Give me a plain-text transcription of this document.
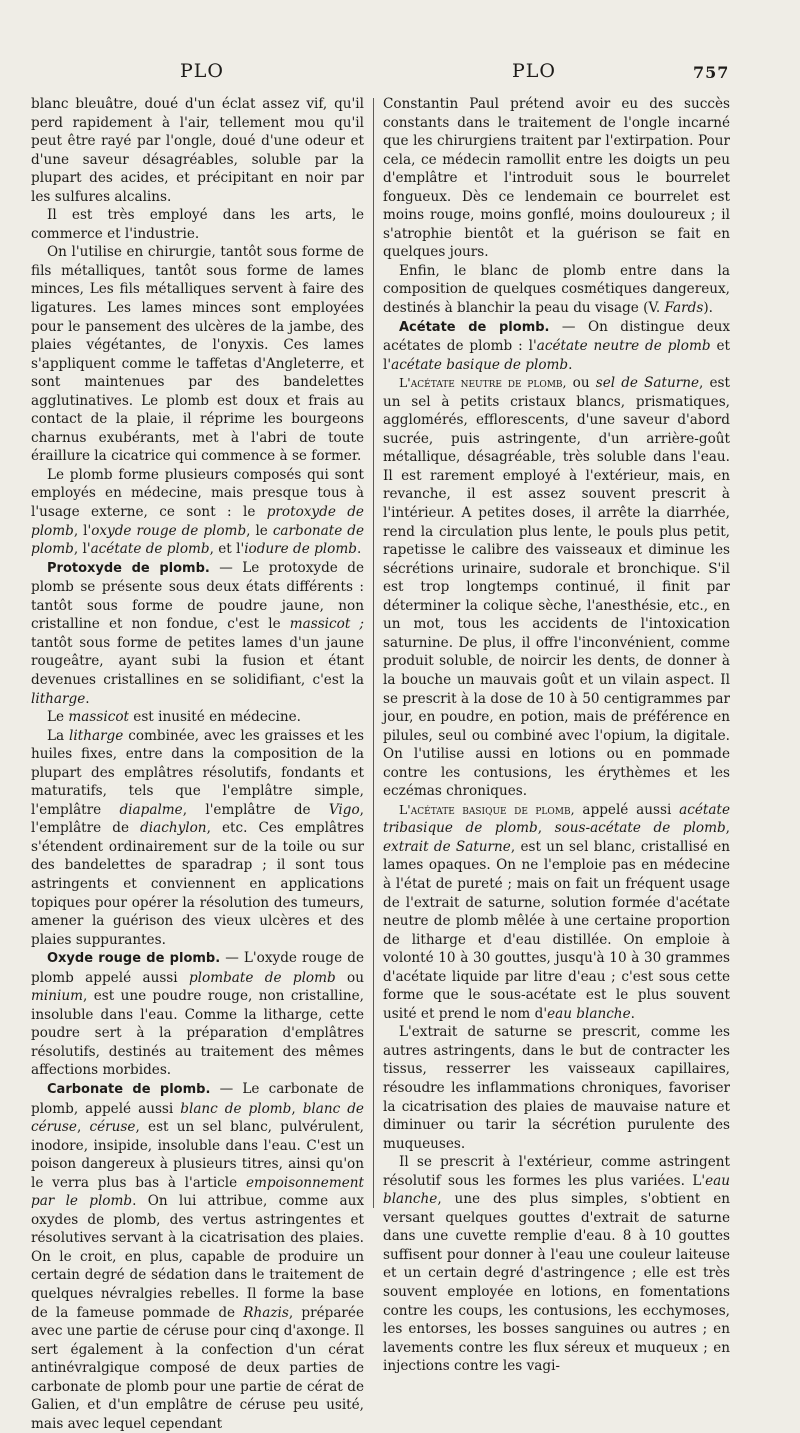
PLO	PLO	757

blanc bleuâtre, doué d'un éclat assez vif, qu'il perd rapidement à l'air, tellement mou qu'il peut être rayé par l'ongle, doué d'une odeur et d'une saveur désagréables, soluble par la plupart des acides, et précipitant en noir par les sulfures alcalins.

Il est très employé dans les arts, le commerce et l'industrie.

On l'utilise en chirurgie, tantôt sous forme de fils métalliques, tantôt sous forme de lames minces, Les fils métalliques servent à faire des ligatures. Les lames minces sont employées pour le pansement des ulcères de la jambe, des plaies végétantes, de l'onyxis. Ces lames s'appliquent comme le taffetas d'Angleterre, et sont maintenues par des bandelettes agglutinatives. Le plomb est doux et frais au contact de la plaie, il réprime les bourgeons charnus exubérants, met à l'abri de toute éraillure la cicatrice qui commence à se former.

Le plomb forme plusieurs composés qui sont employés en médecine, mais presque tous à l'usage externe, ce sont : le protoxyde de plomb, l'oxyde rouge de plomb, le carbonate de plomb, l'acétate de plomb, et l'iodure de plomb.

Protoxyde de plomb. — Le protoxyde de plomb se présente sous deux états différents : tantôt sous forme de poudre jaune, non cristalline et non fondue, c'est le massicot ; tantôt sous forme de petites lames d'un jaune rougeâtre, ayant subi la fusion et étant devenues cristallines en se solidifiant, c'est la litharge.

Le massicot est inusité en médecine.

La litharge combinée, avec les graisses et les huiles fixes, entre dans la composition de la plupart des emplâtres résolutifs, fondants et maturatifs, tels que l'emplâtre simple, l'emplâtre diapalme, l'emplâtre de Vigo, l'emplâtre de diachylon, etc. Ces emplâtres s'étendent ordinairement sur de la toile ou sur des bandelettes de sparadrap ; il sont tous astringents et conviennent en applications topiques pour opérer la résolution des tumeurs, amener la guérison des vieux ulcères et des plaies suppurantes.

Oxyde rouge de plomb. — L'oxyde rouge de plomb appelé aussi plombate de plomb ou minium, est une poudre rouge, non cristalline, insoluble dans l'eau. Comme la litharge, cette poudre sert à la préparation d'emplâtres résolutifs, destinés au traitement des mêmes affections morbides.

Carbonate de plomb. — Le carbonate de plomb, appelé aussi blanc de plomb, blanc de céruse, céruse, est un sel blanc, pulvérulent, inodore, insipide, insoluble dans l'eau. C'est un poison dangereux à plusieurs titres, ainsi qu'on le verra plus bas à l'article empoisonnement par le plomb. On lui attribue, comme aux oxydes de plomb, des vertus astringentes et résolutives servant à la cicatrisation des plaies. On le croit, en plus, capable de produire un certain degré de sédation dans le traitement de quelques névralgies rebelles. Il forme la base de la fameuse pommade de Rhazis, préparée avec une partie de céruse pour cinq d'axonge. Il sert également à la confection d'un cérat antinévralgique composé de deux parties de carbonate de plomb pour une partie de cérat de Galien, et d'un emplâtre de céruse peu usité, mais avec lequel cependant

Constantin Paul prétend avoir eu des succès constants dans le traitement de l'ongle incarné que les chirurgiens traitent par l'extirpation. Pour cela, ce médecin ramollit entre les doigts un peu d'emplâtre et l'introduit sous le bourrelet fongueux. Dès ce lendemain ce bourrelet est moins rouge, moins gonflé, moins douloureux ; il s'atrophie bientôt et la guérison se fait en quelques jours.

Enfin, le blanc de plomb entre dans la composition de quelques cosmétiques dangereux, destinés à blanchir la peau du visage (V. Fards).

Acétate de plomb. — On distingue deux acétates de plomb : l'acétate neutre de plomb et l'acétate basique de plomb.

L'acétate neutre de plomb, ou sel de Saturne, est un sel à petits cristaux blancs, prismatiques, agglomérés, efflorescents, d'une saveur d'abord sucrée, puis astringente, d'un arrière-goût métallique, désagréable, très soluble dans l'eau. Il est rarement employé à l'extérieur, mais, en revanche, il est assez souvent prescrit à l'intérieur. A petites doses, il arrête la diarrhée, rend la circulation plus lente, le pouls plus petit, rapetisse le calibre des vaisseaux et diminue les sécrétions urinaire, sudorale et bronchique. S'il est trop longtemps continué, il finit par déterminer la colique sèche, l'anesthésie, etc., en un mot, tous les accidents de l'intoxication saturnine. De plus, il offre l'inconvénient, comme produit soluble, de noircir les dents, de donner à la bouche un mauvais goût et un vilain aspect. Il se prescrit à la dose de 10 à 50 centigrammes par jour, en poudre, en potion, mais de préférence en pilules, seul ou combiné avec l'opium, la digitale. On l'utilise aussi en lotions ou en pommade contre les contusions, les érythèmes et les eczémas chroniques.

L'acétate basique de plomb, appelé aussi acétate tribasique de plomb, sous-acétate de plomb, extrait de Saturne, est un sel blanc, cristallisé en lames opaques. On ne l'emploie pas en médecine à l'état de pureté ; mais on fait un fréquent usage de l'extrait de saturne, solution formée d'acétate neutre de plomb mêlée à une certaine proportion de litharge et d'eau distillée. On emploie à volonté 10 à 30 gouttes, jusqu'à 10 à 30 grammes d'acétate liquide par litre d'eau ; c'est sous cette forme que le sous-acétate est le plus souvent usité et prend le nom d'eau blanche.

L'extrait de saturne se prescrit, comme les autres astringents, dans le but de contracter les tissus, resserrer les vaisseaux capillaires, résoudre les inflammations chroniques, favoriser la cicatrisation des plaies de mauvaise nature et diminuer ou tarir la sécrétion purulente des muqueuses.

Il se prescrit à l'extérieur, comme astringent résolutif sous les formes les plus variées. L'eau blanche, une des plus simples, s'obtient en versant quelques gouttes d'extrait de saturne dans une cuvette remplie d'eau. 8 à 10 gouttes suffisent pour donner à l'eau une couleur laiteuse et un certain degré d'astringence ; elle est très souvent employée en lotions, en fomentations contre les coups, les contusions, les ecchymoses, les entorses, les bosses sanguines ou autres ; en lavements contre les flux séreux et muqueux ; en injections contre les vagi-
